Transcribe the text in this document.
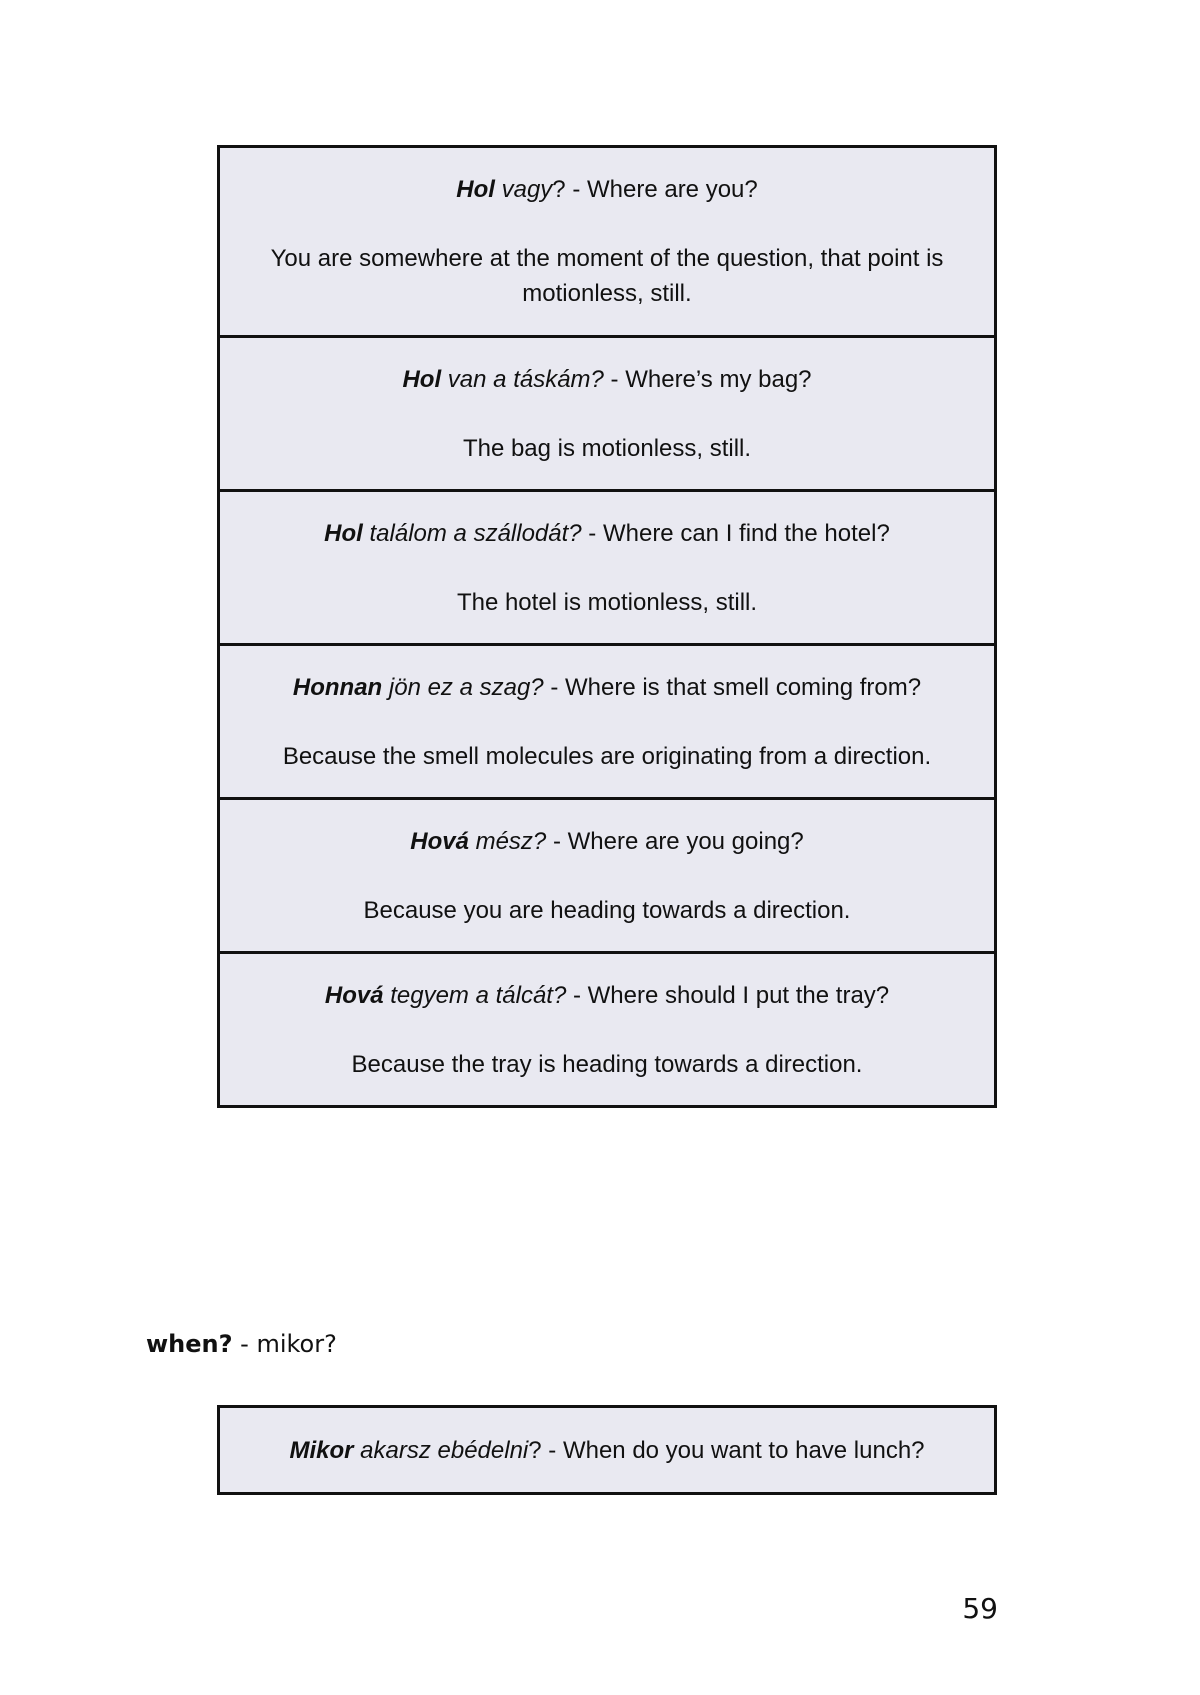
Hol vagy? - Where are you?

You are somewhere at the moment of the question, that point is motionless, still.

Hol van a táskám? - Where’s my bag?

The bag is motionless, still.

Hol találom a szállodát? - Where can I find the hotel?

The hotel is motionless, still.

Honnan jön ez a szag? - Where is that smell coming from?

Because the smell molecules are originating from a direction.

Hová mész? - Where are you going?

Because you are heading towards a direction.

Hová tegyem a tálcát? - Where should I put the tray?

Because the tray is heading towards a direction.

when? - mikor?

Mikor akarsz ebédelni? - When do you want to have lunch?

59
